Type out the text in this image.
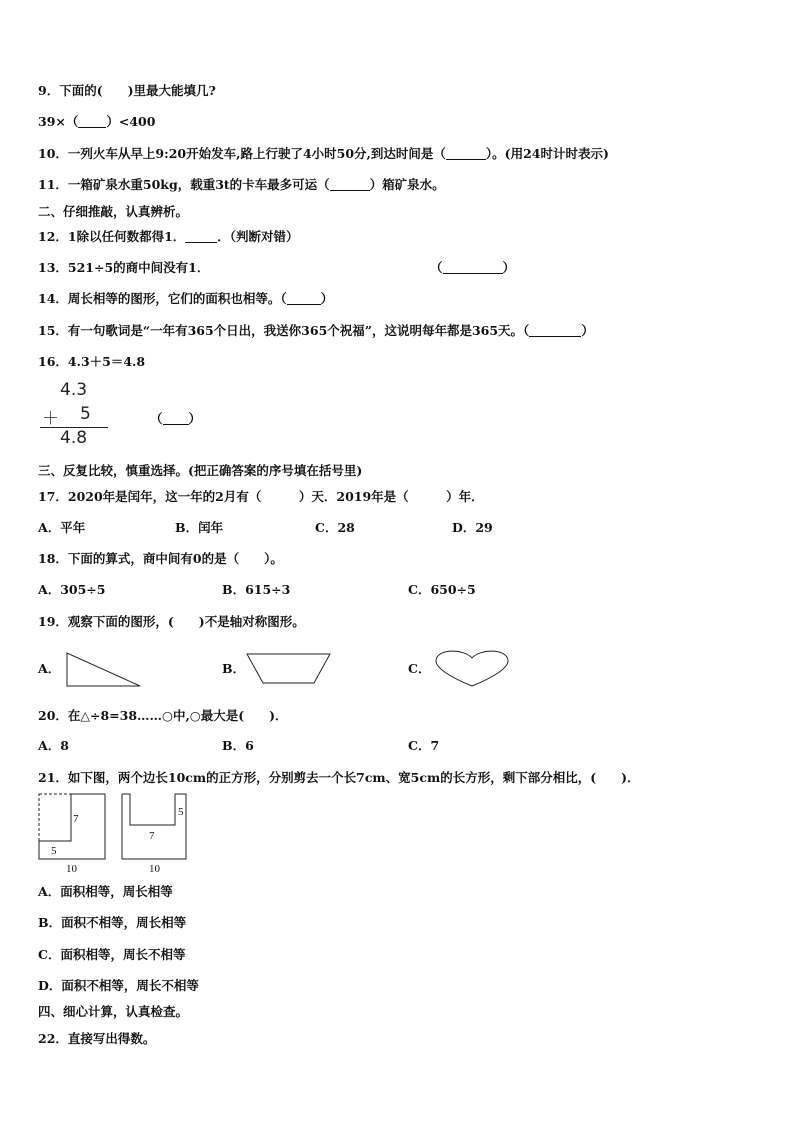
9．下面的(　　)里最大能填几?
39×（ ）<400
10．一列火车从早上9:20开始发车,路上行驶了4小时50分,到达时间是（	）。(用24时计时表示)
11．一箱矿泉水重50kg，载重3t的卡车最多可运（	）箱矿泉水。
二、仔细推敲，认真辨析。
12．1除以任何数都得1．	．（判断对错）
13．521÷5的商中间没有1．	（	）
14．周长相等的图形，它们的面积也相等。（	）
15．有一句歌词是“一年有365个日出，我送你365个祝福”，这说明每年都是365天。（	）
16．4.3＋5＝4.8
4.3
＋ 5
4.8
（ ）
三、反复比较，慎重选择。(把正确答案的序号填在括号里)
17．2020年是闰年，这一年的2月有（　　　）天．2019年是（　　　）年．
A．平年	B．闰年	C．28	D．29
18．下面的算式，商中间有0的是（　　）。
A．305÷5	B．615÷3	C．650÷5
19．观察下面的图形，(　　)不是轴对称图形。
A．	B．	C．
20．在△÷8=38……○中,○最大是(　　)．
A．8	B．6	C．7
21．如下图，两个边长10cm的正方形，分别剪去一个长7cm、宽5cm的长方形，剩下部分相比，(　　)．
7
5
10
5
7
10
A．面积相等，周长相等
B．面积不相等，周长相等
C．面积相等，周长不相等
D．面积不相等，周长不相等
四、细心计算，认真检查。
22．直接写出得数。
